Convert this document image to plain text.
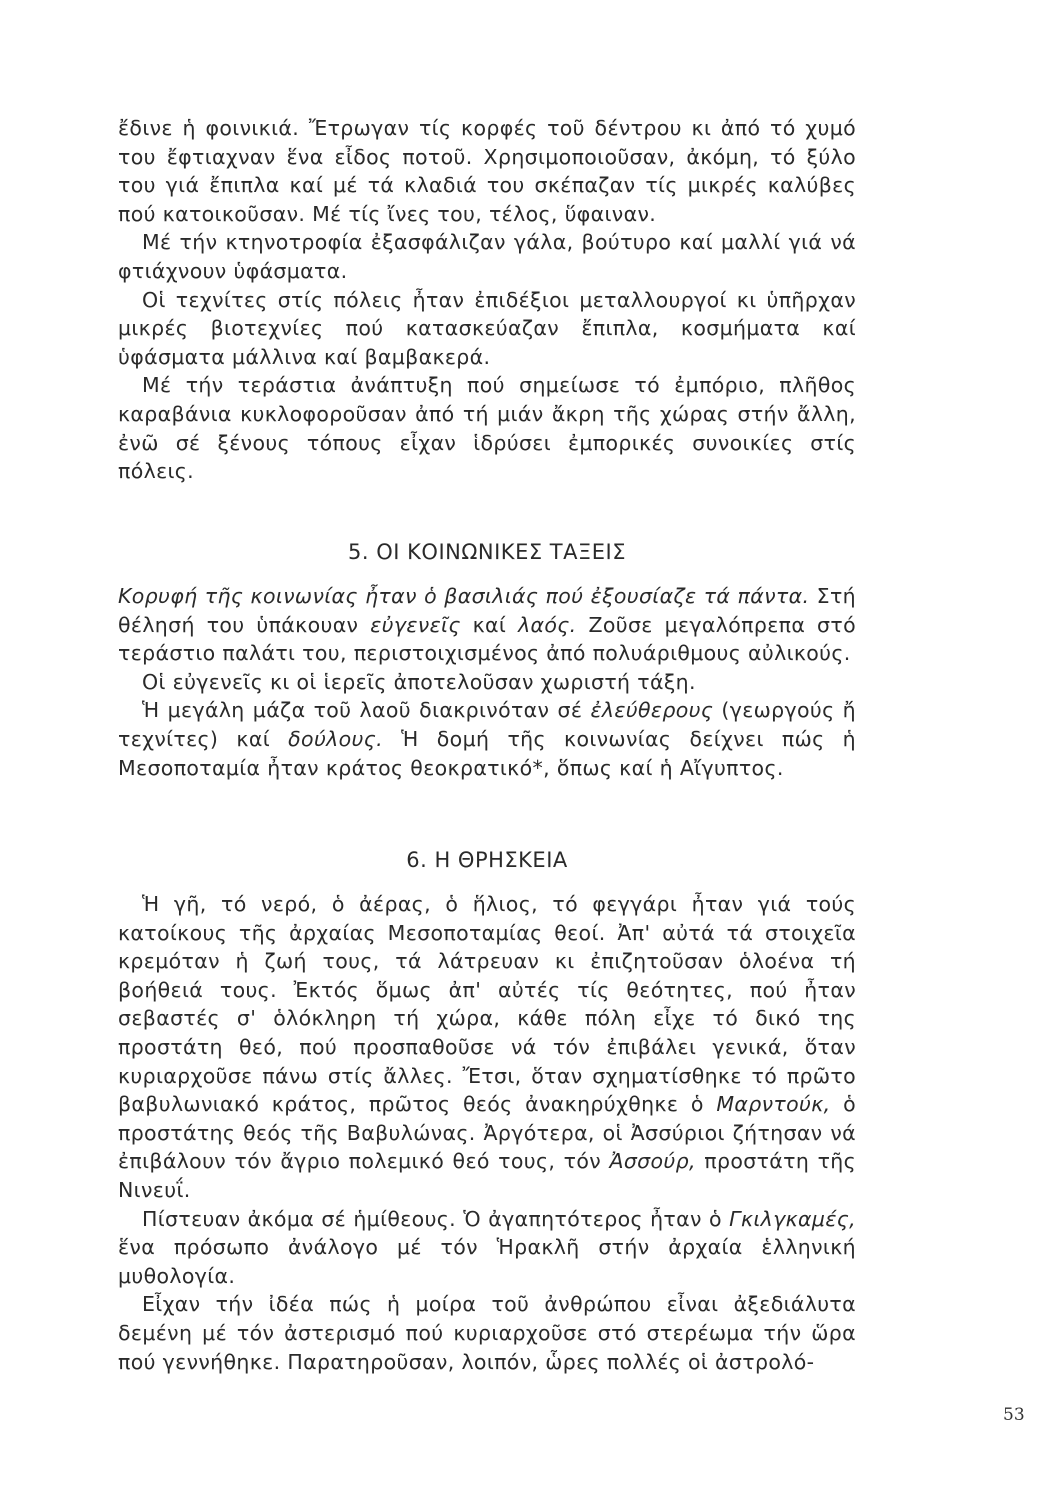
ἔδινε ἡ φοινικιά. Ἔτρωγαν τίς κορφές τοῦ δέντρου κι ἀπό τό χυμό του ἔφτιαχναν ἕνα εἶδος ποτοῦ. Χρησιμοποιοῦσαν, ἀκόμη, τό ξύλο του γιά ἔπιπλα καί μέ τά κλαδιά του σκέπαζαν τίς μικρές καλύβες πού κατοικοῦσαν. Μέ τίς ἴνες του, τέλος, ὕφαιναν.

Μέ τήν κτηνοτροφία ἐξασφάλιζαν γάλα, βούτυρο καί μαλλί γιά νά φτιάχνουν ὑφάσματα.

Οἱ τεχνίτες στίς πόλεις ἦταν ἐπιδέξιοι μεταλλουργοί κι ὑπῆρχαν μικρές βιοτεχνίες πού κατασκεύαζαν ἔπιπλα, κοσμήματα καί ὑφάσματα μάλλινα καί βαμβακερά.

Μέ τήν τεράστια ἀνάπτυξη πού σημείωσε τό ἐμπόριο, πλῆθος καραβάνια κυκλοφοροῦσαν ἀπό τή μιάν ἄκρη τῆς χώρας στήν ἄλλη, ἐνῶ σέ ξένους τόπους εἶχαν ἱδρύσει ἐμπορικές συνοικίες στίς πόλεις.

5. ΟΙ ΚΟΙΝΩΝΙΚΕΣ ΤΑΞΕΙΣ

Κορυφή τῆς κοινωνίας ἦταν ὁ βασιλιάς πού ἐξουσίαζε τά πάντα. Στή θέλησή του ὑπάκουαν εὐγενεῖς καί λαός. Ζοῦσε μεγαλόπρεπα στό τεράστιο παλάτι του, περιστοιχισμένος ἀπό πολυάριθμους αὐλικούς.

Οἱ εὐγενεῖς κι οἱ ἱερεῖς ἀποτελοῦσαν χωριστή τάξη.

Ἡ μεγάλη μάζα τοῦ λαοῦ διακρινόταν σέ ἐλεύθερους (γεωργούς ἤ τεχνίτες) καί δούλους. Ἡ δομή τῆς κοινωνίας δείχνει πώς ἡ Μεσοποταμία ἦταν κράτος θεοκρατικό*, ὅπως καί ἡ Αἴγυπτος.

6. Η ΘΡΗΣΚΕΙΑ

Ἡ γῆ, τό νερό, ὁ ἀέρας, ὁ ἥλιος, τό φεγγάρι ἦταν γιά τούς κατοίκους τῆς ἀρχαίας Μεσοποταμίας θεοί. Ἀπ' αὐτά τά στοιχεῖα κρεμόταν ἡ ζωή τους, τά λάτρευαν κι ἐπιζητοῦσαν ὁλοένα τή βοήθειά τους. Ἐκτός ὅμως ἀπ' αὐτές τίς θεότητες, πού ἦταν σεβαστές σ' ὁλόκληρη τή χώρα, κάθε πόλη εἶχε τό δικό της προστάτη θεό, πού προσπαθοῦσε νά τόν ἐπιβάλει γενικά, ὅταν κυριαρχοῦσε πάνω στίς ἄλλες. Ἔτσι, ὅταν σχηματίσθηκε τό πρῶτο βαβυλωνιακό κράτος, πρῶτος θεός ἀνακηρύχθηκε ὁ Μαρντούκ, ὁ προστάτης θεός τῆς Βαβυλώνας. Ἀργότερα, οἱ Ἀσσύριοι ζήτησαν νά ἐπιβάλουν τόν ἄγριο πολεμικό θεό τους, τόν Ἀσσούρ, προστάτη τῆς Νινευΐ.

Πίστευαν ἀκόμα σέ ἡμίθεους. Ὁ ἀγαπητότερος ἦταν ὁ Γκιλγκαμές, ἕνα πρόσωπο ἀνάλογο μέ τόν Ἡρακλῆ στήν ἀρχαία ἑλληνική μυθολογία.

Εἶχαν τήν ἰδέα πώς ἡ μοίρα τοῦ ἀνθρώπου εἶναι ἀξεδιάλυτα δεμένη μέ τόν ἀστερισμό πού κυριαρχοῦσε στό στερέωμα τήν ὥρα πού γεννήθηκε. Παρατηροῦσαν, λοιπόν, ὧρες πολλές οἱ ἀστρολό-

53
